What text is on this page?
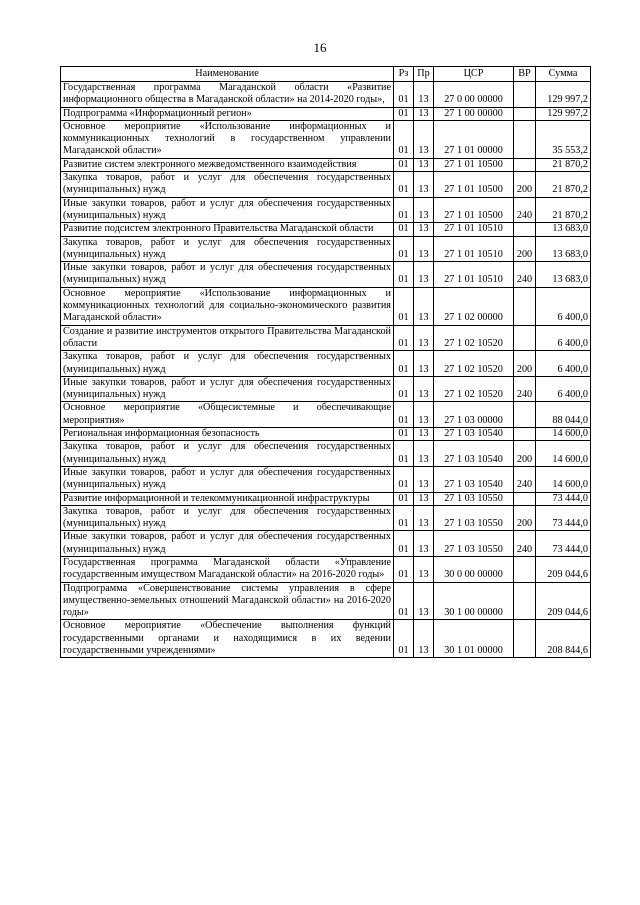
16
Наименование	Рз	Пр	ЦСР	ВР	Сумма
Государственная программа Магаданской области «Развитие информационного общества в Магаданской области» на 2014-2020 годы»,	01	13	27 0 00 00000		129 997,2
Подпрограмма «Информационный регион»	01	13	27 1 00 00000		129 997,2
Основное мероприятие «Использование информационных и коммуникационных технологий в государственном управлении Магаданской области»	01	13	27 1 01 00000		35 553,2
Развитие систем электронного межведомственного взаимодействия	01	13	27 1 01 10500		21 870,2
Закупка товаров, работ и услуг для обеспечения государственных (муниципальных) нужд	01	13	27 1 01 10500	200	21 870,2
Иные закупки товаров, работ и услуг для обеспечения государственных (муниципальных) нужд	01	13	27 1 01 10500	240	21 870,2
Развитие подсистем электронного Правительства Магаданской области	01	13	27 1 01 10510		13 683,0
Закупка товаров, работ и услуг для обеспечения государственных (муниципальных) нужд	01	13	27 1 01 10510	200	13 683,0
Иные закупки товаров, работ и услуг для обеспечения государственных (муниципальных) нужд	01	13	27 1 01 10510	240	13 683,0
Основное мероприятие «Использование информационных и коммуникационных технологий для социально-экономического развития Магаданской области»	01	13	27 1 02 00000		6 400,0
Создание и развитие инструментов открытого Правительства Магаданской области	01	13	27 1 02 10520		6 400,0
Закупка товаров, работ и услуг для обеспечения государственных (муниципальных) нужд	01	13	27 1 02 10520	200	6 400,0
Иные закупки товаров, работ и услуг для обеспечения государственных (муниципальных) нужд	01	13	27 1 02 10520	240	6 400,0
Основное мероприятие «Общесистемные и обеспечивающие мероприятия»	01	13	27 1 03 00000		88 044,0
Региональная информационная безопасность	01	13	27 1 03 10540		14 600,0
Закупка товаров, работ и услуг для обеспечения государственных (муниципальных) нужд	01	13	27 1 03 10540	200	14 600,0
Иные закупки товаров, работ и услуг для обеспечения государственных (муниципальных) нужд	01	13	27 1 03 10540	240	14 600,0
Развитие информационной и телекоммуникационной инфраструктуры	01	13	27 1 03 10550		73 444,0
Закупка товаров, работ и услуг для обеспечения государственных (муниципальных) нужд	01	13	27 1 03 10550	200	73 444,0
Иные закупки товаров, работ и услуг для обеспечения государственных (муниципальных) нужд	01	13	27 1 03 10550	240	73 444,0
Государственная программа Магаданской области «Управление государственным имуществом Магаданской области» на 2016-2020 годы»	01	13	30 0 00 00000		209 044,6
Подпрограмма «Совершенствование системы управления в сфере имущественно-земельных отношений Магаданской области» на 2016-2020 годы»	01	13	30 1 00 00000		209 044,6
Основное мероприятие «Обеспечение выполнения функций государственными органами и находящимися в их ведении государственными учреждениями»	01	13	30 1 01 00000		208 844,6
